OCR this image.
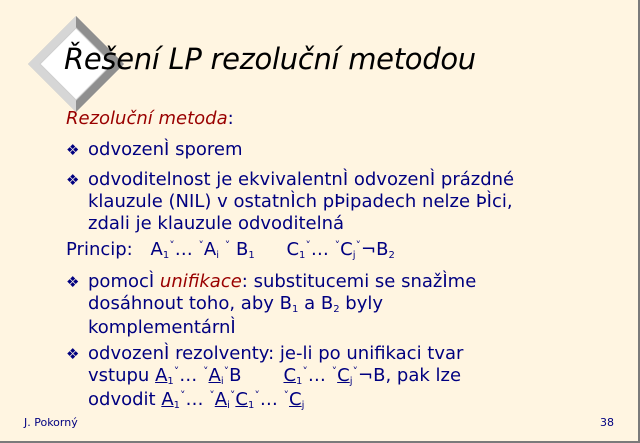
Řešení LP rezoluční metodou
Rezoluční metoda:
❖ odvozenÌ sporem
❖ odvoditelnost je ekvivalentnÌ odvozenÌ prázdné
klauzule (NIL) v ostatnÌch pÞipadech nelze ÞÌci,
zdali je klauzule odvoditelná
Princip: $A_1^˅\dots$ $^˅A_i$ ˅ $B_1$ $C_1^˅\dots$ $^˅C_j^˅\neg B_2$
❖ pomocÌ unifikace: substitucemi se snažÌme
dosáhnout toho, aby $B_1$ a $B_2$ byly
komplementárnÌ
❖ odvozenÌ rezolventy: je-li po unifikaci tvar
vstupu $A_1^˅\dots$ $^˅A_i^˅B$ $C_1^˅\dots$ $^˅C_j^˅\neg B$, pak lze
odvodit $A_1^˅\dots$ $^˅A_i^˅C_1^˅\dots$ $^˅C_j$
J. Pokorný	38
